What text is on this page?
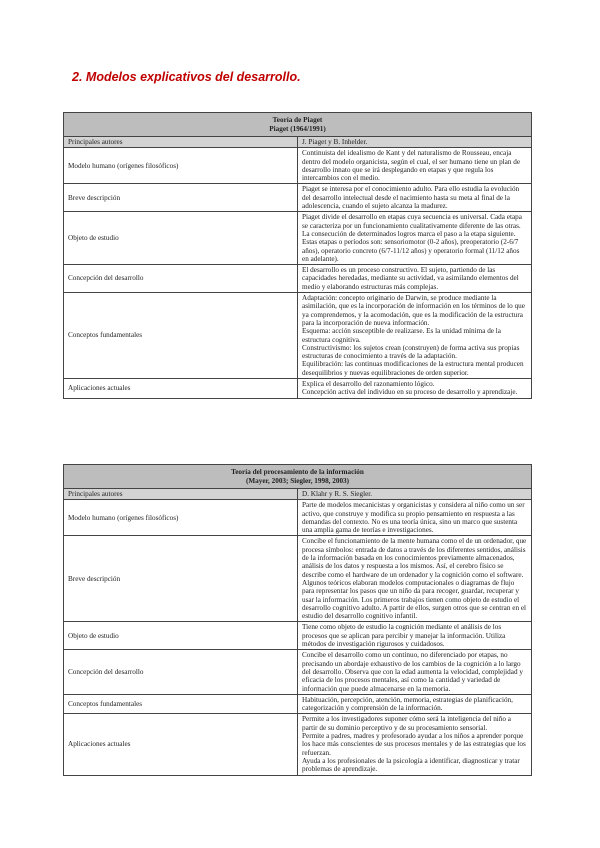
2. Modelos explicativos del desarrollo.
Teoría de Piaget
Piaget (1964/1991)	

Principales autores	J. Piaget y B. Inhelder.
Modelo humano (orígenes filosóficos)	Continuista del idealismo de Kant y del naturalismo de Rousseau, encaja dentro del modelo organicista, según el cual, el ser humano tiene un plan de desarrollo innato que se irá desplegando en etapas y que regula los intercambios con el medio.
Breve descripción	Piaget se interesa por el conocimiento adulto. Para ello estudia la evolución del desarrollo intelectual desde el nacimiento hasta su meta al final de la adolescencia, cuando el sujeto alcanza la madurez.
Objeto de estudio	Piaget divide el desarrollo en etapas cuya secuencia es universal. Cada etapa se caracteriza por un funcionamiento cualitativamente diferente de las otras. La consecución de determinados logros marca el paso a la etapa siguiente. Estas etapas o períodos son: sensoriomotor (0-2 años), preoperatorio (2-6/7 años), operatorio concreto (6/7-11/12 años) y operatorio formal (11/12 años en adelante).
Concepción del desarrollo	El desarrollo es un proceso constructivo. El sujeto, partiendo de las capacidades heredadas, mediante su actividad, va asimilando elementos del medio y elaborando estructuras más complejas.
Conceptos fundamentales	Adaptación: concepto originario de Darwin, se produce mediante la asimilación, que es la incorporación de información en los términos de lo que ya comprendemos, y la acomodación, que es la modificación de la estructura para la incorporación de nueva información.
Esquema: acción susceptible de realizarse. Es la unidad mínima de la estructura cognitiva.
Constructivismo: los sujetos crean (construyen) de forma activa sus propias estructuras de conocimiento a través de la adaptación.
Equilibración: las continuas modificaciones de la estructura mental producen desequilibrios y nuevas equilibraciones de orden superior.

Aplicaciones actuales	Explica el desarrollo del razonamiento lógico.
Concepción activa del individuo en su proceso de desarrollo y aprendizaje.
Teoría del procesamiento de la información
(Mayer, 2003; Siegler, 1998, 2003)	

Principales autores	D. Klahr y R. S. Siegler.
Modelo humano (orígenes filosóficos)	Parte de modelos mecanicistas y organicistas y considera al niño como un ser activo, que construye y modifica su propio pensamiento en respuesta a las demandas del contexto. No es una teoría única, sino un marco que sustenta una amplia gama de teorías e investigaciones.
Breve descripción	Concibe el funcionamiento de la mente humana como el de un ordenador, que procesa símbolos: entrada de datos a través de los diferentes sentidos, análisis de la información basada en los conocimientos previamente almacenados, análisis de los datos y respuesta a los mismos. Así, el cerebro físico se describe como el hardware de un ordenador y la cognición como el software.
Algunos teóricos elaboran modelos computacionales o diagramas de flujo para representar los pasos que un niño da para recoger, guardar, recuperar y usar la información. Los primeros trabajos tienen como objeto de estudio el desarrollo cognitivo adulto. A partir de ellos, surgen otros que se centran en el estudio del desarrollo cognitivo infantil.

Objeto de estudio	Tiene como objeto de estudio la cognición mediante el análisis de los procesos que se aplican para percibir y manejar la información. Utiliza métodos de investigación rigurosos y cuidadosos.
Concepción del desarrollo	Concibe el desarrollo como un continuo, no diferenciado por etapas, no precisando un abordaje exhaustivo de los cambios de la cognición a lo largo del desarrollo. Observa que con la edad aumenta la velocidad, complejidad y eficacia de los procesos mentales, así como la cantidad y variedad de información que puede almacenarse en la memoria.
Conceptos fundamentales	Habituación, percepción, atención, memoria, estrategias de planificación, categorización y comprensión de la información.
Aplicaciones actuales	Permite a los investigadores suponer cómo será la inteligencia del niño a partir de su dominio perceptivo y de su procesamiento sensorial.
Permite a padres, madres y profesorado ayudar a los niños a aprender porque los hace más conscientes de sus procesos mentales y de las estrategias que los refuerzan.
Ayuda a los profesionales de la psicología a identificar, diagnosticar y tratar problemas de aprendizaje.
